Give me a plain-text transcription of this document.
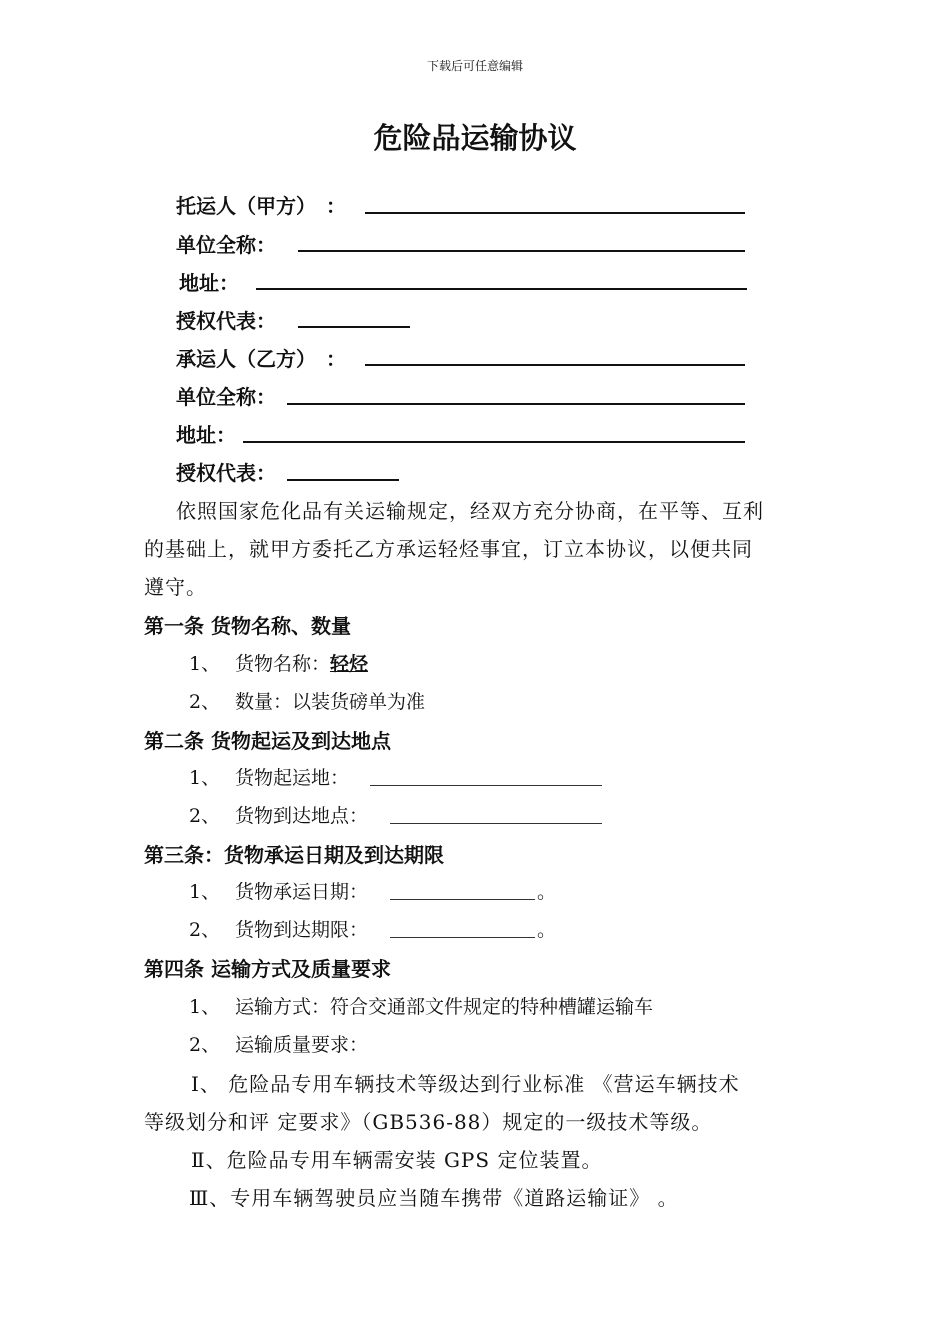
下载后可任意编辑
危险品运输协议
托运人（甲方）　：
单位全称：
地址：
授权代表：
承运人（乙方）　：
单位全称：
地址：
授权代表：
依照国家危化品有关运输规定，经双方充分协商，在平等、互利
的基础上，就甲方委托乙方承运轻烃事宜，订立本协议，以便共同
遵守。
第一条 货物名称、数量
1、 货物名称：轻烃
2、 数量：以装货磅单为准
第二条 货物起运及到达地点
1、 货物起运地：
2、 货物到达地点：
第三条：货物承运日期及到达期限
1、 货物承运日期：	。
2、 货物到达期限：	。
第四条 运输方式及质量要求
1、 运输方式：符合交通部文件规定的特种槽罐运输车
2、 运输质量要求：
Ⅰ、 危险品专用车辆技术等级达到行业标准 《营运车辆技术
等级划分和评 定要求》（GB536-88）规定的一级技术等级。
Ⅱ、危险品专用车辆需安装 GPS 定位装置。
Ⅲ、专用车辆驾驶员应当随车携带《道路运输证》 。
